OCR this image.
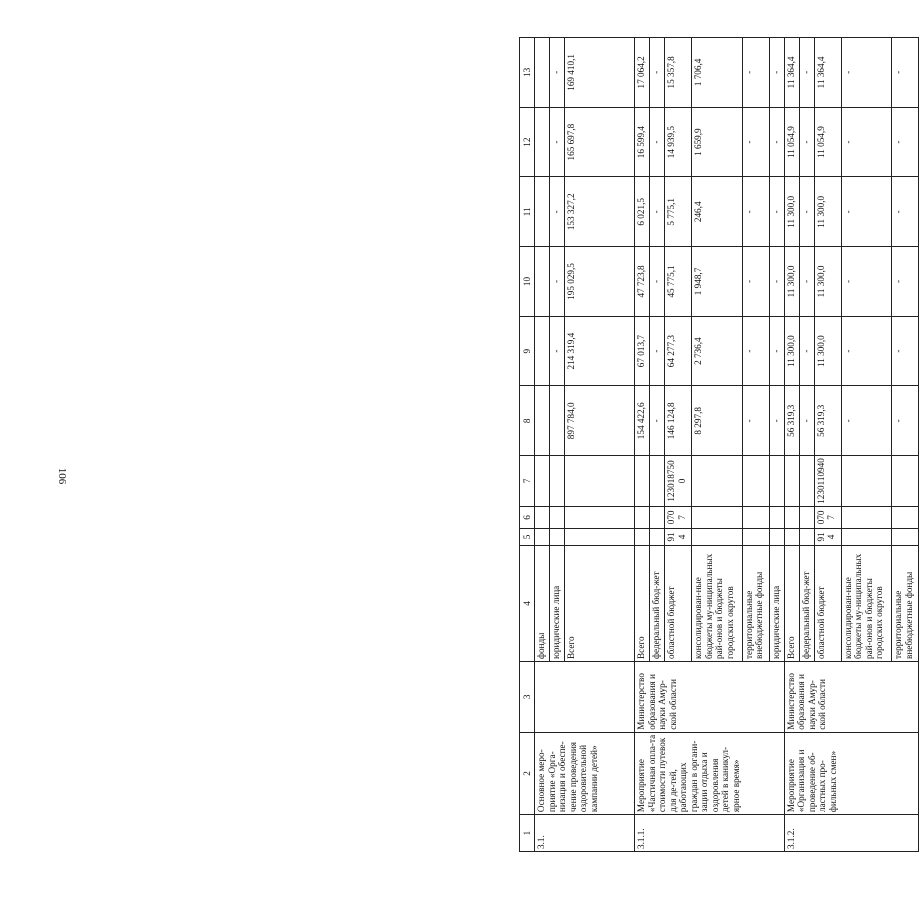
106
1	2	3	4	5	6	7	8	9	10	11	12	13
3.1.	Основное меро-приятие «Орга-низация и обеспе-чение проведения оздоровительной кампании детей»		фонды									
			юридические лица					-	-	-	-	-
			Всего				897 784,0	214 319,4	195 029,5	153 327,2	165 697,8	169 410,1
3.1.1.	Мероприятие «Частичная опла-та стоимости путевок для де-тей, работающих граждан в органи-зации отдыха и оздоровления детей в каникул-ярное время»	Министерство образования и науки Амур-ской области	Всего				154 422,6	67 013,7	47 723,8	6 021,5	16 599,4	17 064,2
			федеральный бюд-жет				-	-	-	-	-	-
			областной бюджет	914	0707	1230187500	146 124,8	64 277,3	45 775,1	5 775,1	14 939,5	15 357,8
			консолидирован-ные бюджеты му-ниципальных рай-онов и бюджеты городских округов				8 297,8	2 736,4	1 948,7	246,4	1 659,9	1 706,4
			территориальные внебюджетные фонды				-	-	-	-	-	-
			юридические лица				-	-	-	-	-	-
3.1.2.	Мероприятие «Организация и проведение об-ластных про-фильных смен»	Министерство образования и науки Амур-ской области	Всего				56 319,3	11 300,0	11 300,0	11 300,0	11 054,9	11 364,4
			федеральный бюд-жет				-	-	-	-	-	-
			областной бюджет	914	0707	1230110940	56 319,3	11 300,0	11 300,0	11 300,0	11 054,9	11 364,4
			консолидирован-ные бюджеты му-ниципальных рай-онов и бюджеты городских округов				-	-	-	-	-	-
			территориальные внебюджетные фонды				-	-	-	-	-	-
